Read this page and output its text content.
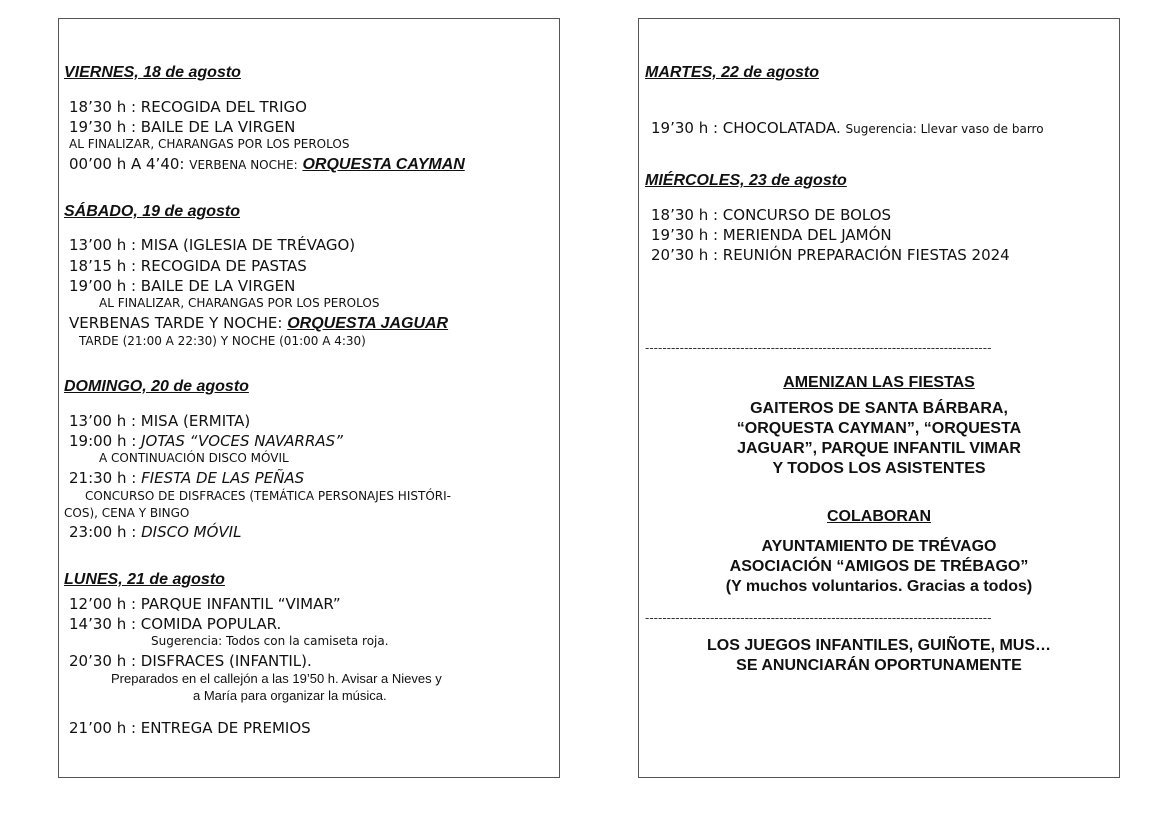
VIERNES, 18 de agosto
18’30 h : RECOGIDA DEL TRIGO
19’30 h : BAILE DE LA VIRGEN
AL FINALIZAR, CHARANGAS POR LOS PEROLOS
00’00 h A 4’40: VERBENA NOCHE: ORQUESTA CAYMAN
SÁBADO, 19 de agosto
13’00 h : MISA (IGLESIA DE TRÉVAGO)
18’15 h : RECOGIDA DE PASTAS
19’00 h : BAILE DE LA VIRGEN
AL FINALIZAR, CHARANGAS POR LOS PEROLOS
VERBENAS TARDE Y NOCHE: ORQUESTA JAGUAR
TARDE (21:00 A 22:30) Y NOCHE (01:00 A 4:30)
DOMINGO, 20 de agosto
13’00 h : MISA (ERMITA)
19:00 h : JOTAS “VOCES NAVARRAS”
A CONTINUACIÓN DISCO MÓVIL
21:30 h : FIESTA DE LAS PEÑAS
CONCURSO DE DISFRACES (TEMÁTICA PERSONAJES HISTÓRI-
COS), CENA Y BINGO
23:00 h : DISCO MÓVIL
LUNES, 21 de agosto
12’00 h : PARQUE INFANTIL “VIMAR”
14’30 h : COMIDA POPULAR.
Sugerencia: Todos con la camiseta roja.
20’30 h : DISFRACES (INFANTIL).
Preparados en el callejón a las 19’50 h. Avisar a Nieves y
a María para organizar la música.
21’00 h : ENTREGA DE PREMIOS
MARTES, 22 de agosto
19’30 h : CHOCOLATADA. Sugerencia: Llevar vaso de barro
MIÉRCOLES, 23 de agosto
18’30 h : CONCURSO DE BOLOS
19’30 h : MERIENDA DEL JAMÓN
20’30 h : REUNIÓN PREPARACIÓN FIESTAS 2024
--------------------------------------------------------------------------------
AMENIZAN LAS FIESTAS
GAITEROS DE SANTA BÁRBARA,
“ORQUESTA CAYMAN”, “ORQUESTA
JAGUAR”, PARQUE INFANTIL VIMAR
Y TODOS LOS ASISTENTES
COLABORAN
AYUNTAMIENTO DE TRÉVAGO
ASOCIACIÓN “AMIGOS DE TRÉBAGO”
(Y muchos voluntarios. Gracias a todos)
--------------------------------------------------------------------------------
LOS JUEGOS INFANTILES, GUIÑOTE, MUS…
SE ANUNCIARÁN OPORTUNAMENTE
